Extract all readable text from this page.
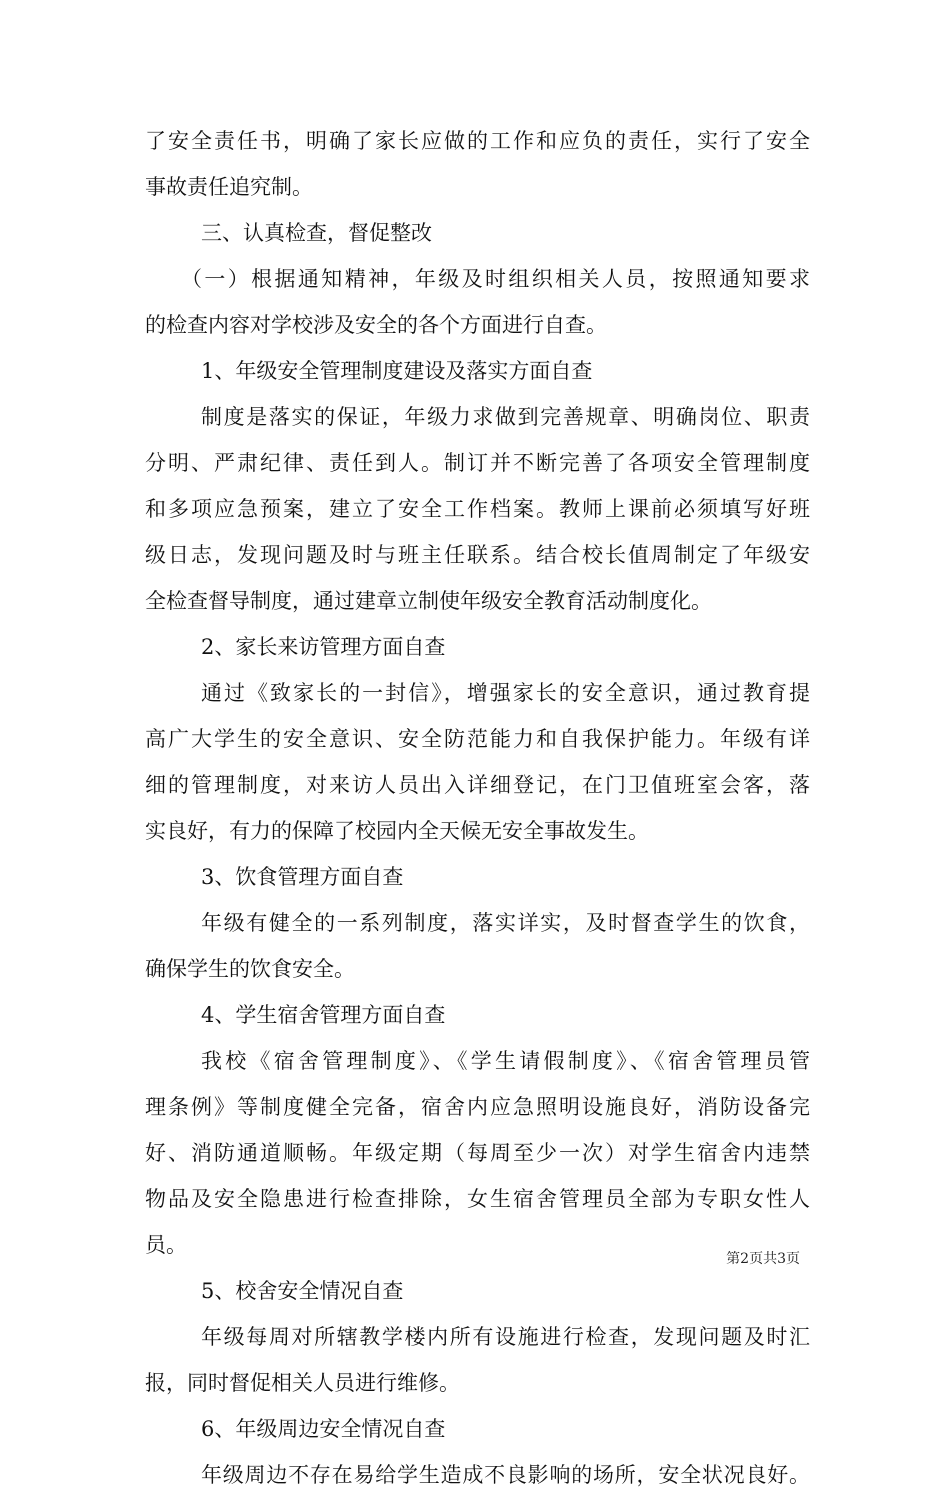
了安全责任书，明确了家长应做的工作和应负的责任，实行了安全
事故责任追究制。
三、认真检查，督促整改
（一）根据通知精神，年级及时组织相关人员，按照通知要求
的检查内容对学校涉及安全的各个方面进行自查。
1、年级安全管理制度建设及落实方面自查
制度是落实的保证，年级力求做到完善规章、明确岗位、职责
分明、严肃纪律、责任到人。制订并不断完善了各项安全管理制度
和多项应急预案，建立了安全工作档案。教师上课前必须填写好班
级日志，发现问题及时与班主任联系。结合校长值周制定了年级安
全检查督导制度，通过建章立制使年级安全教育活动制度化。
2、家长来访管理方面自查
通过《致家长的一封信》，增强家长的安全意识，通过教育提
高广大学生的安全意识、安全防范能力和自我保护能力。年级有详
细的管理制度，对来访人员出入详细登记，在门卫值班室会客，落
实良好，有力的保障了校园内全天候无安全事故发生。
3、饮食管理方面自查
年级有健全的一系列制度，落实详实，及时督查学生的饮食，
确保学生的饮食安全。
4、学生宿舍管理方面自查
我校《宿舍管理制度》、《学生请假制度》、《宿舍管理员管
理条例》等制度健全完备，宿舍内应急照明设施良好，消防设备完
好、消防通道顺畅。年级定期（每周至少一次）对学生宿舍内违禁
物品及安全隐患进行检查排除，女生宿舍管理员全部为专职女性人
员。
5、校舍安全情况自查
年级每周对所辖教学楼内所有设施进行检查，发现问题及时汇
报，同时督促相关人员进行维修。
6、年级周边安全情况自查
年级周边不存在易给学生造成不良影响的场所，安全状况良好。
第2页共3页
